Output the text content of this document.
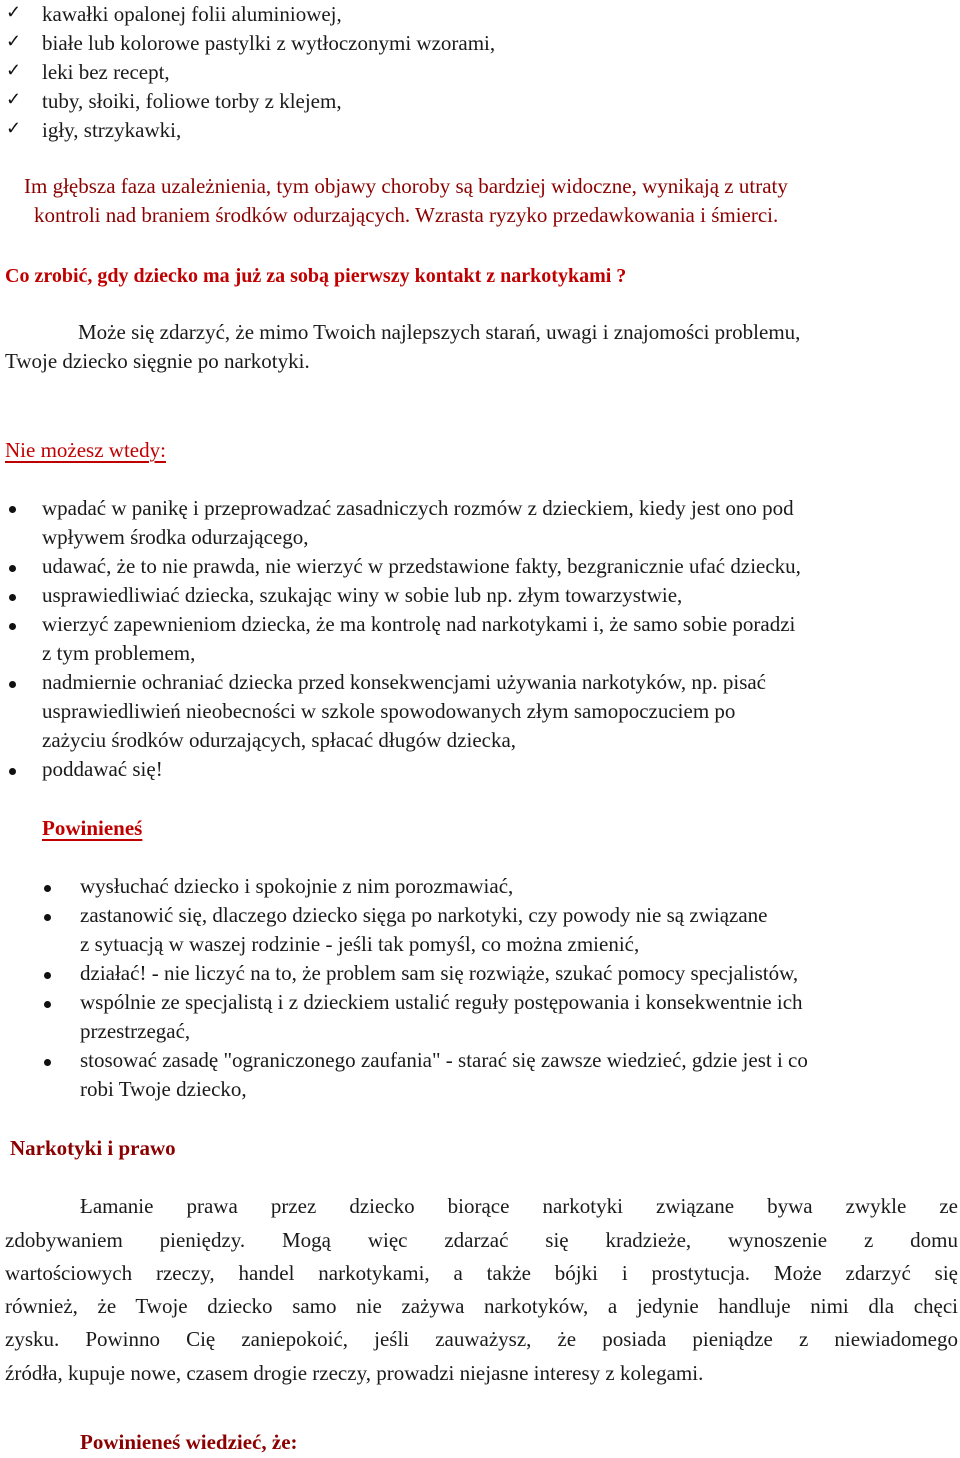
✓ kawałki opalonej folii aluminiowej,
✓ białe lub kolorowe pastylki z wytłoczonymi wzorami,
✓ leki bez recept,
✓ tuby, słoiki, foliowe torby z klejem,
✓ igły, strzykawki,
Im głębsza faza uzależnienia, tym objawy choroby są bardziej widoczne, wynikają z utraty
kontroli nad braniem środków odurzających. Wzrasta ryzyko przedawkowania i śmierci.
Co zrobić, gdy dziecko ma już za sobą pierwszy kontakt z narkotykami ?
Może się zdarzyć, że mimo Twoich najlepszych starań, uwagi i znajomości problemu,
Twoje dziecko sięgnie po narkotyki.
Nie możesz wtedy:
wpadać w panikę i przeprowadzać zasadniczych rozmów z dzieckiem, kiedy jest ono pod
wpływem środka odurzającego,
udawać, że to nie prawda, nie wierzyć w przedstawione fakty, bezgranicznie ufać dziecku,
usprawiedliwiać dziecka, szukając winy w sobie lub np. złym towarzystwie,
wierzyć zapewnieniom dziecka, że ma kontrolę nad narkotykami i, że samo sobie poradzi
z tym problemem,
nadmiernie ochraniać dziecka przed konsekwencjami używania narkotyków, np. pisać
usprawiedliwień nieobecności w szkole spowodowanych złym samopoczuciem po
zażyciu środków odurzających, spłacać długów dziecka,
poddawać się!
Powinieneś
wysłuchać dziecko i spokojnie z nim porozmawiać,
zastanowić się, dlaczego dziecko sięga po narkotyki, czy powody nie są związane
z sytuacją w waszej rodzinie - jeśli tak pomyśl, co można zmienić,
działać! - nie liczyć na to, że problem sam się rozwiąże, szukać pomocy specjalistów,
wspólnie ze specjalistą i z dzieckiem ustalić reguły postępowania i konsekwentnie ich
przestrzegać,
stosować zasadę "ograniczonego zaufania" - starać się zawsze wiedzieć, gdzie jest i co
robi Twoje dziecko,
Narkotyki i prawo
Łamanie prawa przez dziecko biorące narkotyki związane bywa zwykle ze
zdobywaniem pieniędzy. Mogą więc zdarzać się kradzieże, wynoszenie z domu
wartościowych rzeczy, handel narkotykami, a także bójki i prostytucja. Może zdarzyć się
również, że Twoje dziecko samo nie zażywa narkotyków, a jedynie handluje nimi dla chęci
zysku. Powinno Cię zaniepokoić, jeśli zauważysz, że posiada pieniądze z niewiadomego
źródła, kupuje nowe, czasem drogie rzeczy, prowadzi niejasne interesy z kolegami.
Powinieneś wiedzieć, że:
